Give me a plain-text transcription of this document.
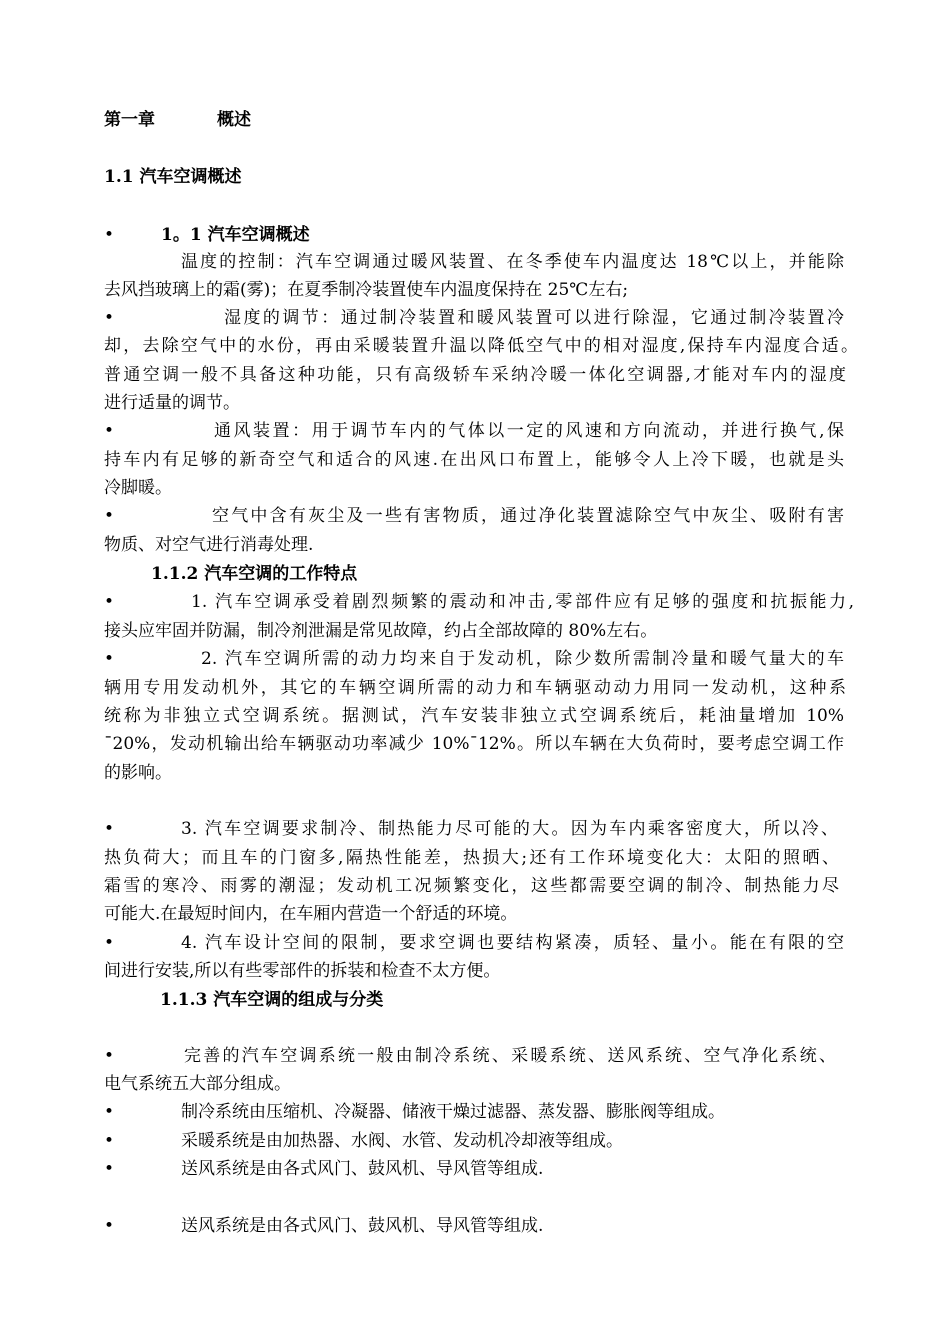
第一章	概述
1.1 汽车空调概述
•	1。1 汽车空调概述
温度的控制：汽车空调通过暖风装置、在冬季使车内温度达 18℃以上，并能除
去风挡玻璃上的霜(雾)；在夏季制冷装置使车内温度保持在 25℃左右;
•	湿度的调节：通过制冷装置和暖风装置可以进行除湿，它通过制冷装置冷
却，去除空气中的水份，再由采暖装置升温以降低空气中的相对湿度,保持车内湿度合适。
普通空调一般不具备这种功能，只有高级轿车采纳冷暖一体化空调器,才能对车内的湿度
进行适量的调节。
•	通风装置：用于调节车内的气体以一定的风速和方向流动，并进行换气,保
持车内有足够的新奇空气和适合的风速.在出风口布置上，能够令人上冷下暖，也就是头
冷脚暖。
•	空气中含有灰尘及一些有害物质，通过净化装置滤除空气中灰尘、吸附有害
物质、对空气进行消毒处理.
1.1.2 汽车空调的工作特点
•	1. 汽车空调承受着剧烈频繁的震动和冲击,零部件应有足够的强度和抗振能力,
接头应牢固并防漏，制冷剂泄漏是常见故障，约占全部故障的 80%左右。
•	2. 汽车空调所需的动力均来自于发动机，除少数所需制冷量和暖气量大的车
辆用专用发动机外，其它的车辆空调所需的动力和车辆驱动动力用同一发动机，这种系
统称为非独立式空调系统。据测试，汽车安装非独立式空调系统后，耗油量增加 10%
¯20%，发动机输出给车辆驱动功率减少 10%¯12%。所以车辆在大负荷时，要考虑空调工作
的影响。
•	3. 汽车空调要求制冷、制热能力尽可能的大。因为车内乘客密度大，所以冷、
热负荷大；而且车的门窗多,隔热性能差，热损大;还有工作环境变化大：太阳的照晒、
霜雪的寒冷、雨雾的潮湿；发动机工况频繁变化，这些都需要空调的制冷、制热能力尽
可能大.在最短时间内，在车厢内营造一个舒适的环境。
•	4. 汽车设计空间的限制，要求空调也要结构紧凑，质轻、量小。能在有限的空
间进行安装,所以有些零部件的拆装和检查不太方便。
1.1.3 汽车空调的组成与分类
•	完善的汽车空调系统一般由制冷系统、采暖系统、送风系统、空气净化系统、
电气系统五大部分组成。
•	制冷系统由压缩机、冷凝器、储液干燥过滤器、蒸发器、膨胀阀等组成。
•	采暖系统是由加热器、水阀、水管、发动机冷却液等组成。
•	送风系统是由各式风门、鼓风机、导风管等组成.
•	送风系统是由各式风门、鼓风机、导风管等组成.
